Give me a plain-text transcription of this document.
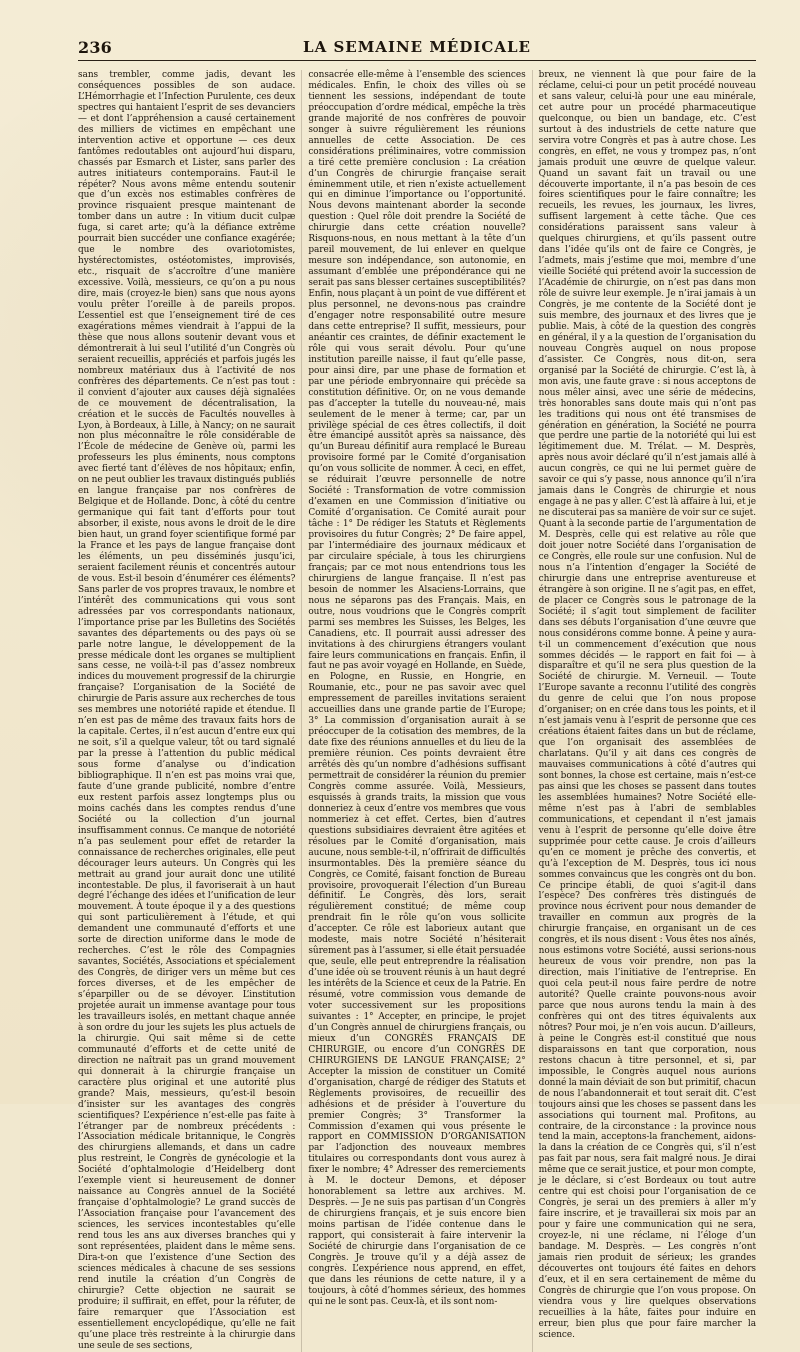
236	LA SEMAINE MÉDICALE
sans trembler, comme jadis, devant les conséquences possibles de son audace. L’Hémorrhagie et l’Infection Purulente, ces deux spectres qui hantaient l’esprit de ses devanciers — et dont l’appréhension a causé certainement des milliers de victimes en empêchant une intervention active et opportune — ces deux fantômes redoutables ont aujourd’hui disparu, chassés par Esmarch et Lister, sans parler des autres initiateurs contemporains. Faut-il le répéter? Nous avons même entendu soutenir que d’un excès nos estimables confrères de province risquaient presque maintenant de tomber dans un autre : In vitium ducit culpæ fuga, si caret arte; qu’à la défiance extrême pourrait bien succéder une confiance exagérée; que le nombre des ovariotomistes, hystérectomistes, ostéotomistes, improvisés, etc., risquait de s’accroître d’une manière excessive. Voilà, messieurs, ce qu’on a pu nous dire, mais (croyez-le bien) sans que nous ayons voulu prêter l’oreille à de pareils propos. L’essentiel est que l’enseignement tiré de ces exagérations mêmes viendrait à l’appui de la thèse que nous allons soutenir devant vous et démontrerait à lui seul l’utilité d’un Congrès où seraient recueillis, appréciés et parfois jugés les nombreux matériaux dus à l’activité de nos confrères des départements. Ce n’est pas tout : il convient d’ajouter aux causes déjà signalées de ce mouvement de décentralisation, la création et le succès de Facultés nouvelles à Lyon, à Bordeaux, à Lille, à Nancy; on ne saurait non plus méconnaître le rôle considérable de l’École de médecine de Genève où, parmi les professeurs les plus éminents, nous comptons avec fierté tant d’élèves de nos hôpitaux; enfin, on ne peut oublier les travaux distingués publiés en langue française par nos confrères de Belgique et de Hollande. Donc, à côté du centre germanique qui fait tant d’efforts pour tout absorber, il existe, nous avons le droit de le dire bien haut, un grand foyer scientifique formé par la France et les pays de langue française dont les éléments, un peu disséminés jusqu’ici, seraient facilement réunis et concentrés autour de vous. Est-il besoin d’énumérer ces éléments? Sans parler de vos propres travaux, le nombre et l’intérêt des communications qui vous sont adressées par vos correspondants nationaux, l’importance prise par les Bulletins des Sociétés savantes des départements ou des pays où se parle notre langue, le développement de la presse médicale dont les organes se multiplient sans cesse, ne voilà-t-il pas d’assez nombreux indices du mouvement progressif de la chirurgie française? L’organisation de la Société de chirurgie de Paris assure aux recherches de tous ses membres une notoriété rapide et étendue. Il n’en est pas de même des travaux faits hors de la capitale. Certes, il n’est aucun d’entre eux qui ne soit, s’il a quelque valeur, tôt ou tard signalé par la presse à l’attention du public médical sous forme d’analyse ou d’indication bibliographique. Il n’en est pas moins vrai que, faute d’une grande publicité, nombre d’entre eux restent parfois assez longtemps plus ou moins cachés dans les comptes rendus d’une Société ou la collection d’un journal insuffisamment connus. Ce manque de notoriété n’a pas seulement pour effet de retarder la connaissance de recherches originales, elle peut décourager leurs auteurs. Un Congrès qui les mettrait au grand jour aurait donc une utilité incontestable. De plus, il favoriserait à un haut degré l’échange des idées et l’unification de leur mouvement. À toute époque il y a des questions qui sont particulièrement à l’étude, et qui demandent une communauté d’efforts et une sorte de direction uniforme dans le mode de recherches. C’est le rôle des Compagnies savantes, Sociétés, Associations et spécialement des Congrès, de diriger vers un même but ces forces diverses, et de les empêcher de s’éparpiller ou de se dévoyer. L’institution projetée aurait un immense avantage pour tous les travailleurs isolés, en mettant chaque année à son ordre du jour les sujets les plus actuels de la chirurgie. Qui sait même si de cette communauté d’efforts et de cette unité de direction ne naîtrait pas un grand mouvement qui donnerait à la chirurgie française un caractère plus original et une autorité plus grande? Mais, messieurs, qu’est-il besoin d’insister sur les avantages des congrès scientifiques? L’expérience n’est-elle pas faite à l’étranger par de nombreux précédents : l’Association médicale britannique, le Congrès des chirurgiens allemands, et dans un cadre plus restreint, le Congrès de gynécologie et la Société d’ophtalmologie d’Heidelberg dont l’exemple vient si heureusement de donner naissance au Congrès annuel de la Société française d’ophtalmologie? Le grand succès de l’Association française pour l’avancement des sciences, les services incontestables qu’elle rend tous les ans aux diverses branches qui y sont représentées, plaident dans le même sens. Dira-t-on que l’existence d’une Section des sciences médicales à chacune de ses sessions rend inutile la création d’un Congrès de chirurgie? Cette objection ne saurait se produire; il suffirait, en effet, pour la réfuter, de faire remarquer que l’Association est essentiellement encyclopédique, qu’elle ne fait qu’une place très restreinte à la chirurgie dans une seule de ses sections,
consacrée elle-même à l’ensemble des sciences médicales. Enfin, le choix des villes où se tiennent les sessions, indépendant de toute préoccupation d’ordre médical, empêche la très grande majorité de nos confrères de pouvoir songer à suivre régulièrement les réunions annuelles de cette Association. De ces considérations préliminaires, votre commission a tiré cette première conclusion : La création d’un Congrès de chirurgie française serait éminemment utile, et rien n’existe actuellement qui en diminue l’importance ou l’opportunité. Nous devons maintenant aborder la seconde question : Quel rôle doit prendre la Société de chirurgie dans cette création nouvelle? Risquons-nous, en nous mettant à la tête d’un pareil mouvement, de lui enlever en quelque mesure son indépendance, son autonomie, en assumant d’emblée une prépondérance qui ne serait pas sans blesser certaines susceptibilités? Enfin, nous plaçant à un point de vue différent et plus personnel, ne devons-nous pas craindre d’engager notre responsabilité outre mesure dans cette entreprise? Il suffit, messieurs, pour anéantir ces craintes, de définir exactement le rôle qui vous serait dévolu. Pour qu’une institution pareille naisse, il faut qu’elle passe, pour ainsi dire, par une phase de formation et par une période embryonnaire qui précède sa constitution définitive. Or, on ne vous demande pas d’accepter la tutelle du nouveau-né, mais seulement de le mener à terme; car, par un privilège spécial de ces êtres collectifs, il doit être émancipé aussitôt après sa naissance, dès qu’un Bureau définitif aura remplacé le Bureau provisoire formé par le Comité d’organisation qu’on vous sollicite de nommer. À ceci, en effet, se réduirait l’œuvre personnelle de notre Société : Transformation de votre commission d’examen en une Commission d’initiative ou Comité d’organisation. Ce Comité aurait pour tâche : 1° De rédiger les Statuts et Règlements provisoires du futur Congrès; 2° De faire appel, par l’intermédiaire des journaux médicaux et par circulaire spéciale, à tous les chirurgiens français; par ce mot nous entendrions tous les chirurgiens de langue française. Il n’est pas besoin de nommer les Alsaciens-Lorrains, que nous ne séparons pas des Français. Mais, en outre, nous voudrions que le Congrès comprît parmi ses membres les Suisses, les Belges, les Canadiens, etc. Il pourrait aussi adresser des invitations à des chirurgiens étrangers voulant faire leurs communications en français. Enfin, il faut ne pas avoir voyagé en Hollande, en Suède, en Pologne, en Russie, en Hongrie, en Roumanie, etc., pour ne pas savoir avec quel empressement de pareilles invitations seraient accueillies dans une grande partie de l’Europe; 3° La commission d’organisation aurait à se préoccuper de la cotisation des membres, de la date fixe des réunions annuelles et du lieu de la première réunion. Ces points devraient être arrêtés dès qu’un nombre d’adhésions suffisant permettrait de considérer la réunion du premier Congrès comme assurée. Voilà, Messieurs, esquissés à grands traits, la mission que vous donneriez à ceux d’entre vos membres que vous nommeriez à cet effet. Certes, bien d’autres questions subsidiaires devraient être agitées et résolues par le Comité d’organisation, mais aucune, nous semble-t-il, n’offrirait de difficultés insurmontables. Dès la première séance du Congrès, ce Comité, faisant fonction de Bureau provisoire, provoquerait l’élection d’un Bureau définitif. Le Congrès, dès lors, serait régulièrement constitué; de même coup prendrait fin le rôle qu’on vous sollicite d’accepter. Ce rôle est laborieux autant que modeste, mais notre Société n’hésiterait sûrement pas à l’assumer, si elle était persuadée que, seule, elle peut entreprendre la réalisation d’une idée où se trouvent réunis à un haut degré les intérêts de la Science et ceux de la Patrie. En résumé, votre commission vous demande de voter successivement sur les propositions suivantes : 1° Accepter, en principe, le projet d’un Congrès annuel de chirurgiens français, ou mieux d’un CONGRÈS FRANÇAIS DE CHIRURGIE, ou encore d’un CONGRÈS DE CHIRURGIENS DE LANGUE FRANÇAISE; 2° Accepter la mission de constituer un Comité d’organisation, chargé de rédiger des Statuts et Règlements provisoires, de recueillir des adhésions et de présider à l’ouverture du premier Congrès; 3° Transformer la Commission d’examen qui vous présente le rapport en COMMISSION D’ORGANISATION par l’adjonction des nouveaux membres titulaires ou correspondants dont vous aurez à fixer le nombre; 4° Adresser des remerciements à M. le docteur Demons, et déposer honorablement sa lettre aux archives. M. Desprès. — Je ne suis pas partisan d’un Congrès de chirurgiens français, et je suis encore bien moins partisan de l’idée contenue dans le rapport, qui consisterait à faire intervenir la Société de chirurgie dans l’organisation de ce Congrès. Je trouve qu’il y a déjà assez de congrès. L’expérience nous apprend, en effet, que dans les réunions de cette nature, il y a toujours, à côté d’hommes sérieux, des hommes qui ne le sont pas. Ceux-là, et ils sont nom-
breux, ne viennent là que pour faire de la réclame, celui-ci pour un petit procédé nouveau et sans valeur, celui-là pour une eau minérale, cet autre pour un procédé pharmaceutique quelconque, ou bien un bandage, etc. C’est surtout à des industriels de cette nature que servira votre Congrès et pas à autre chose. Les congrès, en effet, ne vous y trompez pas, n’ont jamais produit une œuvre de quelque valeur. Quand un savant fait un travail ou une découverte importante, il n’a pas besoin de ces foires scientifiques pour le faire connaître; les recueils, les revues, les journaux, les livres, suffisent largement à cette tâche. Que ces considérations paraissent sans valeur à quelques chirurgiens, et qu’ils passent outre dans l’idée qu’ils ont de faire ce Congrès, je l’admets, mais j’estime que moi, membre d’une vieille Société qui prétend avoir la succession de l’Académie de chirurgie, on n’est pas dans mon rôle de suivre leur exemple. Je n’irai jamais à un Congrès, je me contente de la Société dont je suis membre, des journaux et des livres que je publie. Mais, à côté de la question des congrès en général, il y a la question de l’organisation du nouveau Congrès auquel on nous propose d’assister. Ce Congrès, nous dit-on, sera organisé par la Société de chirurgie. C’est là, à mon avis, une faute grave : si nous acceptons de nous mêler ainsi, avec une série de médecins, très honorables sans doute mais qui n’ont pas les traditions qui nous ont été transmises de génération en génération, la Société ne pourra que perdre une partie de la notoriété qui lui est légitimement due. M. Trélat. — M. Desprès, après nous avoir déclaré qu’il n’est jamais allé à aucun congrès, ce qui ne lui permet guère de savoir ce qui s’y passe, nous annonce qu’il n’ira jamais dans le Congrès de chirurgie et nous engage à ne pas y aller. C’est là affaire à lui, et je ne discuterai pas sa manière de voir sur ce sujet. Quant à la seconde partie de l’argumentation de M. Desprès, celle qui est relative au rôle que doit jouer notre Société dans l’organisation de ce Congrès, elle roule sur une confusion. Nul de nous n’a l’intention d’engager la Société de chirurgie dans une entreprise aventureuse et étrangère à son origine. Il ne s’agit pas, en effet, de placer ce Congrès sous le patronage de la Société; il s’agit tout simplement de faciliter dans ses débuts l’organisation d’une œuvre que nous considérons comme bonne. À peine y aura-t-il un commencement d’exécution que nous sommes décidés — le rapport en fait foi — à disparaître et qu’il ne sera plus question de la Société de chirurgie. M. Verneuil. — Toute l’Europe savante a reconnu l’utilité des congrès du genre de celui que l’on nous propose d’organiser; on en crée dans tous les points, et il n’est jamais venu à l’esprit de personne que ces créations étaient faites dans un but de réclame, que l’on organisait des assemblées de charlatans. Qu’il y ait dans ces congrès de mauvaises communications à côté d’autres qui sont bonnes, la chose est certaine, mais n’est-ce pas ainsi que les choses se passent dans toutes les assemblées humaines? Notre Société elle-même n’est pas à l’abri de semblables communications, et cependant il n’est jamais venu à l’esprit de personne qu’elle doive être supprimée pour cette cause. Je crois d’ailleurs qu’en ce moment je prêche des convertis, et qu’à l’exception de M. Desprès, tous ici nous sommes convaincus que les congrès ont du bon. Ce principe établi, de quoi s’agit-il dans l’espèce? Des confrères très distingués de province nous écrivent pour nous demander de travailler en commun aux progrès de la chirurgie française, en organisant un de ces congrès, et ils nous disent : Vous êtes nos aînés, nous estimons votre Société, aussi serions-nous heureux de vous voir prendre, non pas la direction, mais l’initiative de l’entreprise. En quoi cela peut-il nous faire perdre de notre autorité? Quelle crainte pouvons-nous avoir parce que nous aurons tendu la main à des confrères qui ont des titres équivalents aux nôtres? Pour moi, je n’en vois aucun. D’ailleurs, à peine le Congrès est-il constitué que nous disparaissons en tant que corporation, nous restons chacun à titre personnel, et si, par impossible, le Congrès auquel nous aurions donné la main déviait de son but primitif, chacun de nous l’abandonnerait et tout serait dit. C’est toujours ainsi que les choses se passent dans les associations qui tournent mal. Profitons, au contraire, de la circonstance : la province nous tend la main, acceptons-la franchement, aidons-la dans la création de ce Congrès qui, s’il n’est pas fait par nous, sera fait malgré nous. Je dirai même que ce serait justice, et pour mon compte, je le déclare, si c’est Bordeaux ou tout autre centre qui est choisi pour l’organisation de ce Congrès, je serai un des premiers à aller m’y faire inscrire, et je travaillerai six mois par an pour y faire une communication qui ne sera, croyez-le, ni une réclame, ni l’éloge d’un bandage. M. Desprès. — Les congrès n’ont jamais rien produit de sérieux; les grandes découvertes ont toujours été faites en dehors d’eux, et il en sera certainement de même du Congrès de chirurgie que l’on vous propose. On viendra vous y lire quelques observations recueillies à la hâte, faites pour induire en erreur, bien plus que pour faire marcher la science.
